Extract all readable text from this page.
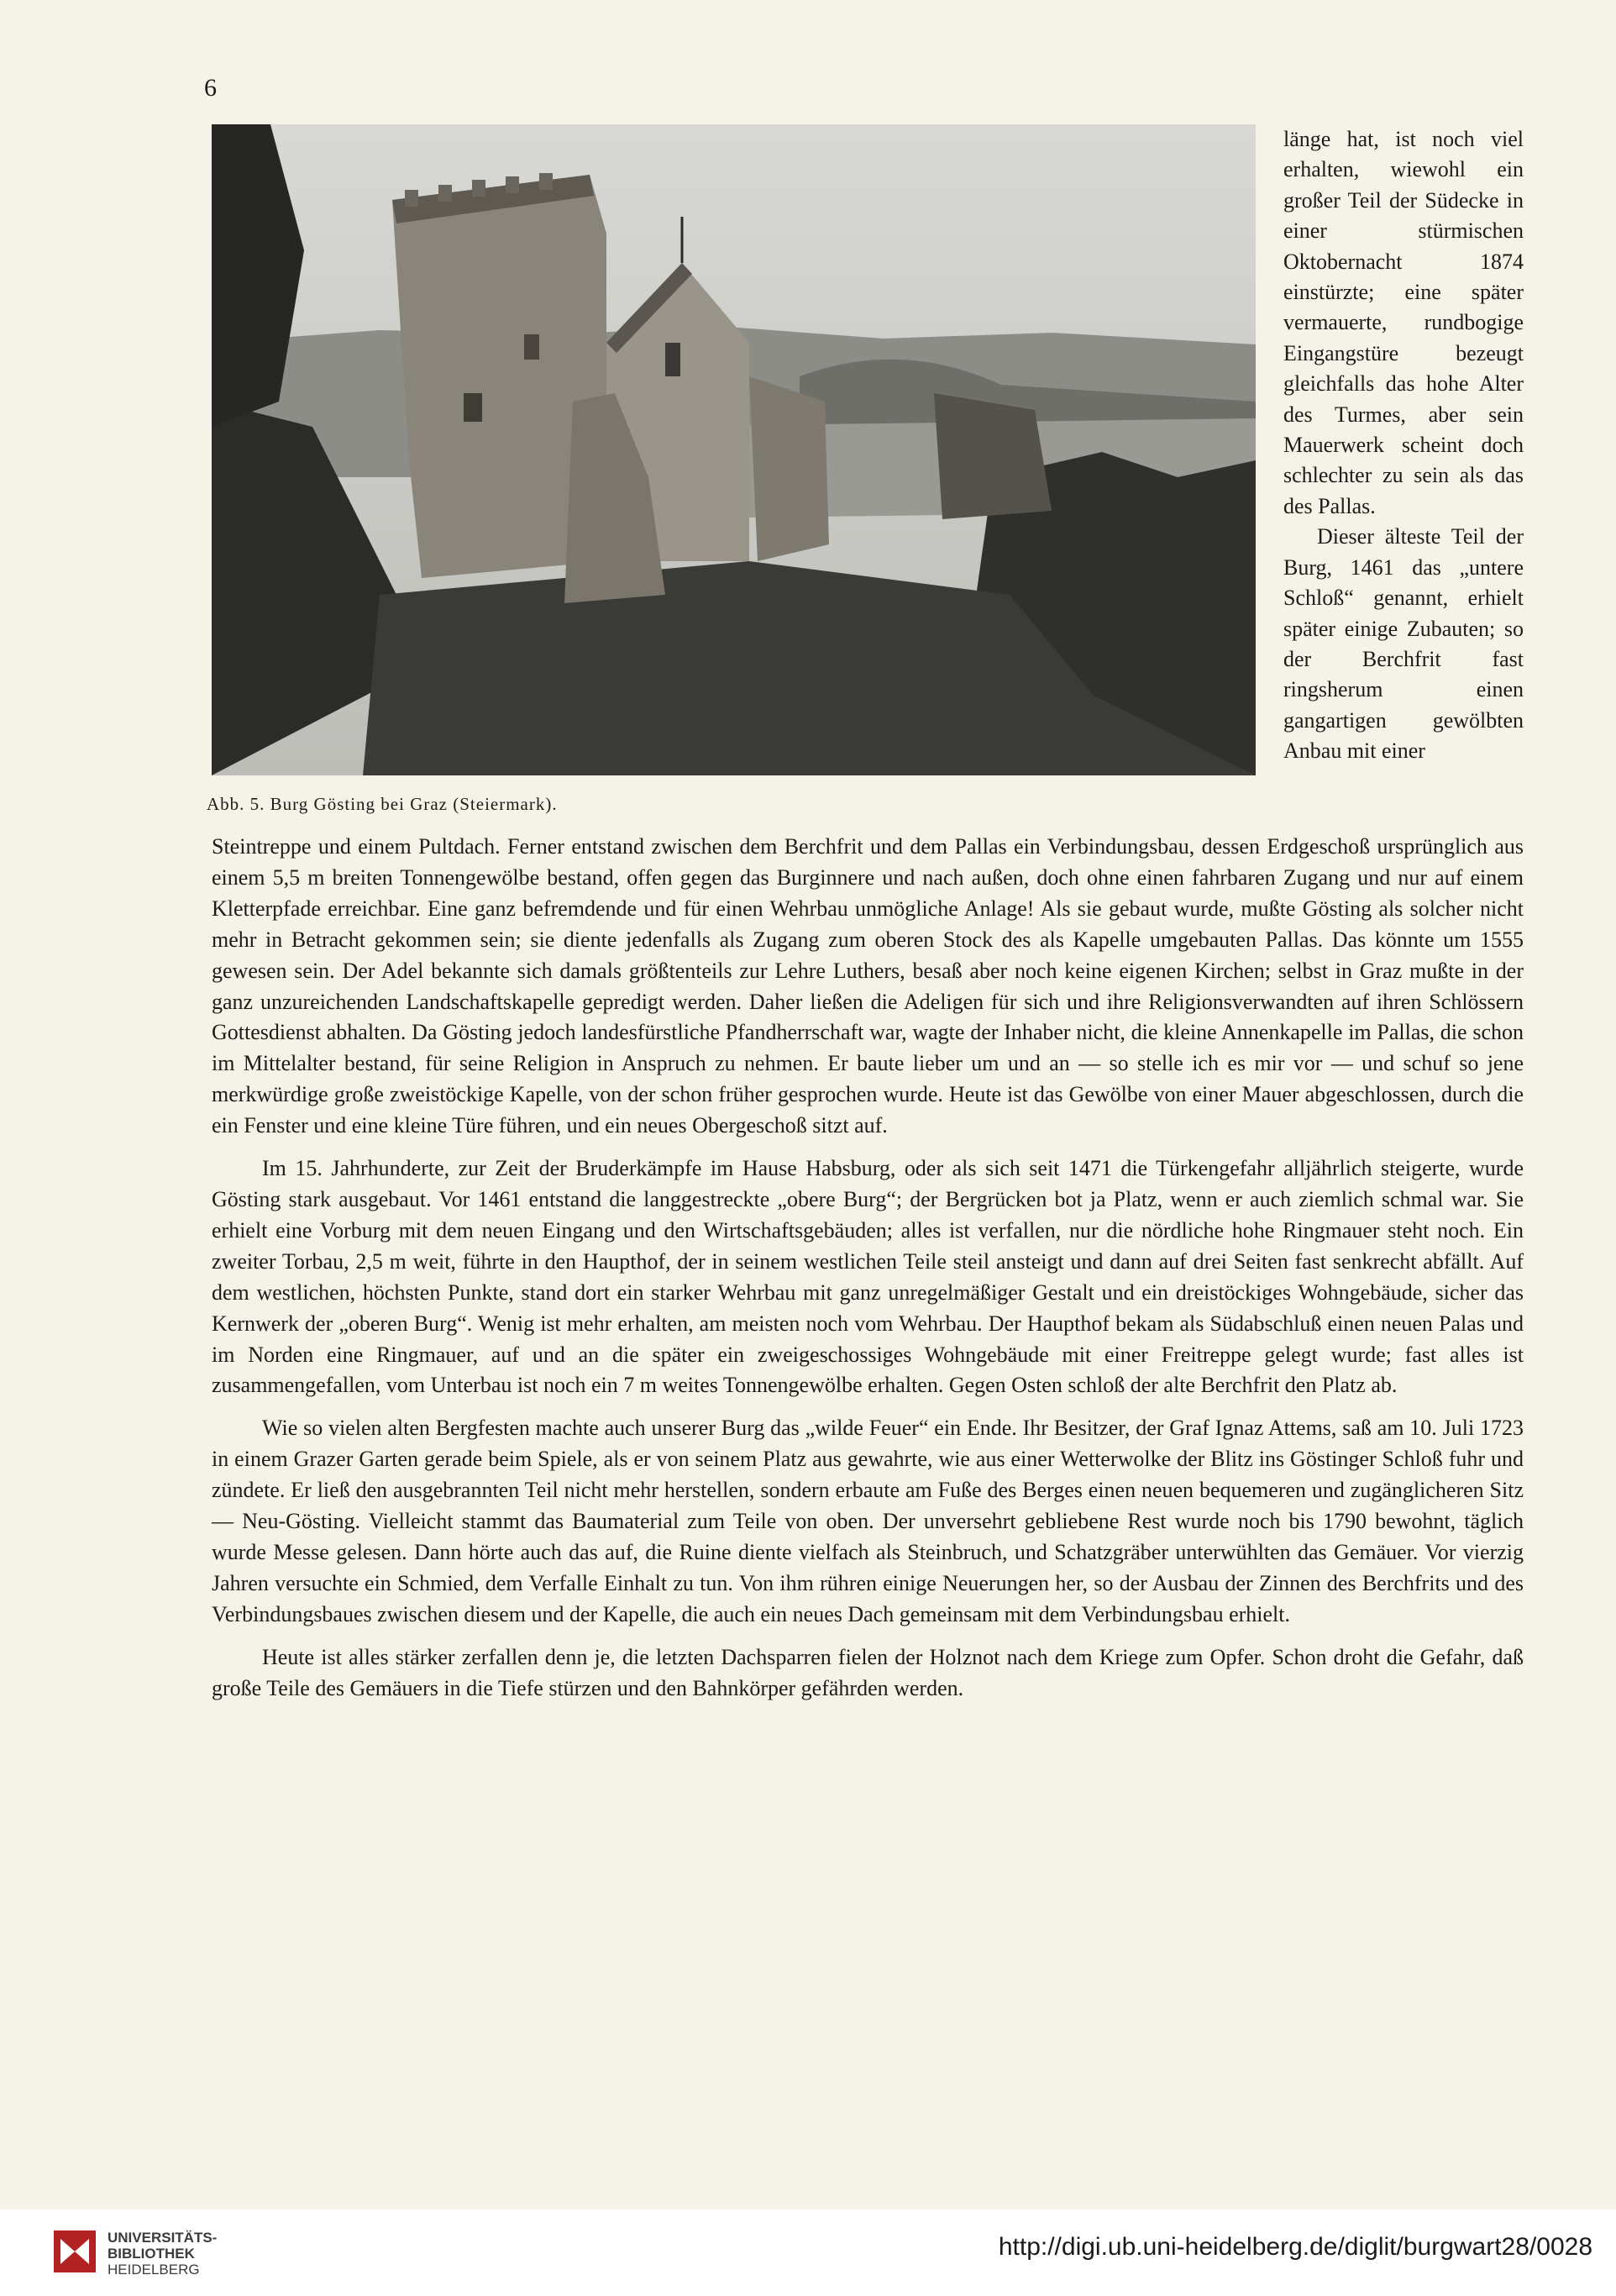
6
Abb. 5. Burg Gösting bei Graz (Steiermark).

länge hat, ist noch viel erhalten, wiewohl ein großer Teil der Südecke in einer stürmischen Oktobernacht 1874 einstürzte; eine später vermauerte, rundbogige Eingangstüre bezeugt gleichfalls das hohe Alter des Turmes, aber sein Mauerwerk scheint doch schlechter zu sein als das des Pallas.

Dieser älteste Teil der Burg, 1461 das „untere Schloß“ genannt, erhielt später einige Zubauten; so der Berchfrit fast ringsherum einen gangartigen gewölbten Anbau mit einer

Steintreppe und einem Pultdach. Ferner entstand zwischen dem Berchfrit und dem Pallas ein Verbindungsbau, dessen Erdgeschoß ursprünglich aus einem 5,5 m breiten Tonnengewölbe bestand, offen gegen das Burginnere und nach außen, doch ohne einen fahrbaren Zugang und nur auf einem Kletterpfade erreichbar. Eine ganz befremdende und für einen Wehrbau unmögliche Anlage! Als sie gebaut wurde, mußte Gösting als solcher nicht mehr in Betracht gekommen sein; sie diente jedenfalls als Zugang zum oberen Stock des als Kapelle umgebauten Pallas. Das könnte um 1555 gewesen sein. Der Adel bekannte sich damals größtenteils zur Lehre Luthers, besaß aber noch keine eigenen Kirchen; selbst in Graz mußte in der ganz unzureichenden Landschaftskapelle gepredigt werden. Daher ließen die Adeligen für sich und ihre Religionsverwandten auf ihren Schlössern Gottesdienst abhalten. Da Gösting jedoch landesfürstliche Pfandherrschaft war, wagte der Inhaber nicht, die kleine Annenkapelle im Pallas, die schon im Mittelalter bestand, für seine Religion in Anspruch zu nehmen. Er baute lieber um und an — so stelle ich es mir vor — und schuf so jene merkwürdige große zweistöckige Kapelle, von der schon früher gesprochen wurde. Heute ist das Gewölbe von einer Mauer abgeschlossen, durch die ein Fenster und eine kleine Türe führen, und ein neues Obergeschoß sitzt auf.

Im 15. Jahrhunderte, zur Zeit der Bruderkämpfe im Hause Habsburg, oder als sich seit 1471 die Türkengefahr alljährlich steigerte, wurde Gösting stark ausgebaut. Vor 1461 entstand die langgestreckte „obere Burg“; der Bergrücken bot ja Platz, wenn er auch ziemlich schmal war. Sie erhielt eine Vorburg mit dem neuen Eingang und den Wirtschaftsgebäuden; alles ist verfallen, nur die nördliche hohe Ringmauer steht noch. Ein zweiter Torbau, 2,5 m weit, führte in den Haupthof, der in seinem westlichen Teile steil ansteigt und dann auf drei Seiten fast senkrecht abfällt. Auf dem westlichen, höchsten Punkte, stand dort ein starker Wehrbau mit ganz unregelmäßiger Gestalt und ein dreistöckiges Wohngebäude, sicher das Kernwerk der „oberen Burg“. Wenig ist mehr erhalten, am meisten noch vom Wehrbau. Der Haupthof bekam als Südabschluß einen neuen Palas und im Norden eine Ringmauer, auf und an die später ein zweigeschossiges Wohngebäude mit einer Freitreppe gelegt wurde; fast alles ist zusammengefallen, vom Unterbau ist noch ein 7 m weites Tonnengewölbe erhalten. Gegen Osten schloß der alte Berchfrit den Platz ab.

Wie so vielen alten Bergfesten machte auch unserer Burg das „wilde Feuer“ ein Ende. Ihr Besitzer, der Graf Ignaz Attems, saß am 10. Juli 1723 in einem Grazer Garten gerade beim Spiele, als er von seinem Platz aus gewahrte, wie aus einer Wetterwolke der Blitz ins Göstinger Schloß fuhr und zündete. Er ließ den ausgebrannten Teil nicht mehr herstellen, sondern erbaute am Fuße des Berges einen neuen bequemeren und zugänglicheren Sitz — Neu-Gösting. Vielleicht stammt das Baumaterial zum Teile von oben. Der unversehrt gebliebene Rest wurde noch bis 1790 bewohnt, täglich wurde Messe gelesen. Dann hörte auch das auf, die Ruine diente vielfach als Steinbruch, und Schatzgräber unterwühlten das Gemäuer. Vor vierzig Jahren versuchte ein Schmied, dem Verfalle Einhalt zu tun. Von ihm rühren einige Neuerungen her, so der Ausbau der Zinnen des Berchfrits und des Verbindungsbaues zwischen diesem und der Kapelle, die auch ein neues Dach gemeinsam mit dem Verbindungsbau erhielt.

Heute ist alles stärker zerfallen denn je, die letzten Dachsparren fielen der Holznot nach dem Kriege zum Opfer. Schon droht die Gefahr, daß große Teile des Gemäuers in die Tiefe stürzen und den Bahnkörper gefährden werden.

UNIVERSITÄTS-
BIBLIOTHEK
HEIDELBERG
http://digi.ub.uni-heidelberg.de/diglit/burgwart28/0028
